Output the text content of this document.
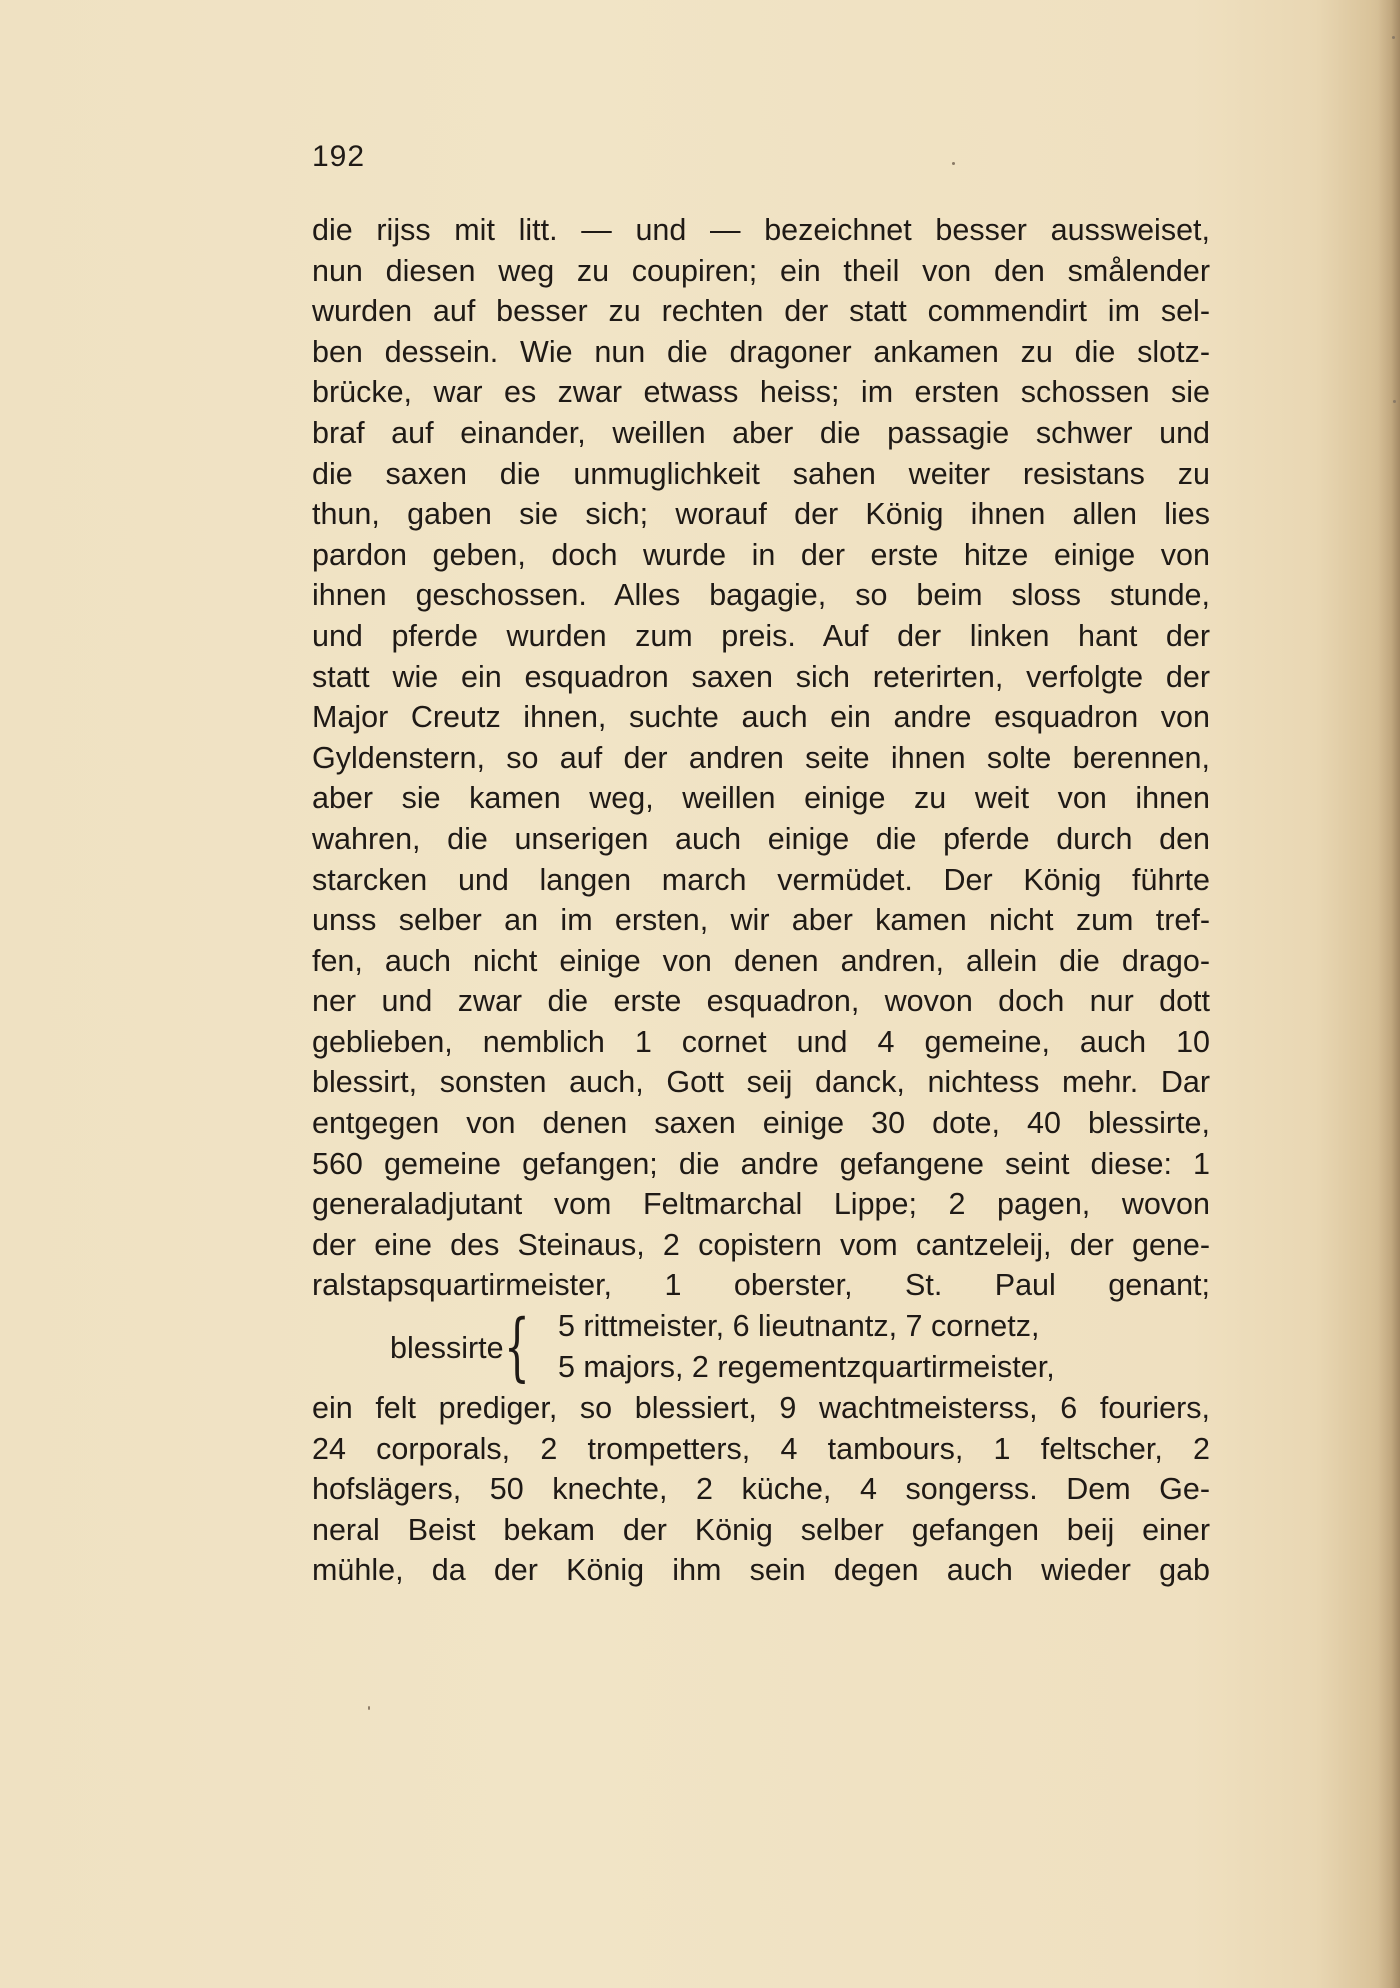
192
die rijss mit litt. — und — bezeichnet besser aussweiset,
nun diesen weg zu coupiren; ein theil von den smålender
wurden auf besser zu rechten der statt commendirt im sel-
ben dessein. Wie nun die dragoner ankamen zu die slotz-
brücke, war es zwar etwass heiss; im ersten schossen sie
braf auf einander, weillen aber die passagie schwer und
die saxen die unmuglichkeit sahen weiter resistans zu
thun, gaben sie sich; worauf der König ihnen allen lies
pardon geben, doch wurde in der erste hitze einige von
ihnen geschossen. Alles bagagie, so beim sloss stunde,
und pferde wurden zum preis. Auf der linken hant der
statt wie ein esquadron saxen sich reterirten, verfolgte der
Major Creutz ihnen, suchte auch ein andre esquadron von
Gyldenstern, so auf der andren seite ihnen solte berennen,
aber sie kamen weg, weillen einige zu weit von ihnen
wahren, die unserigen auch einige die pferde durch den
starcken und langen march vermüdet. Der König führte
unss selber an im ersten, wir aber kamen nicht zum tref-
fen, auch nicht einige von denen andren, allein die drago-
ner und zwar die erste esquadron, wovon doch nur dott
geblieben, nemblich 1 cornet und 4 gemeine, auch 10
blessirt, sonsten auch, Gott seij danck, nichtess mehr. Dar
entgegen von denen saxen einige 30 dote, 40 blessirte,
560 gemeine gefangen; die andre gefangene seint diese: 1
generaladjutant vom Feltmarchal Lippe; 2 pagen, wovon
der eine des Steinaus, 2 copistern vom cantzeleij, der gene-
ralstapsquartirmeister, 1 oberster, St. Paul genant;
blessirte { 5 rittmeister, 6 lieutnantz, 7 cornetz,
5 majors, 2 regementzquartirmeister,
ein felt prediger, so blessiert, 9 wachtmeisterss, 6 fouriers,
24 corporals, 2 trompetters, 4 tambours, 1 feltscher, 2
hofslägers, 50 knechte, 2 küche, 4 songerss. Dem Ge-
neral Beist bekam der König selber gefangen beij einer
mühle, da der König ihm sein degen auch wieder gab
